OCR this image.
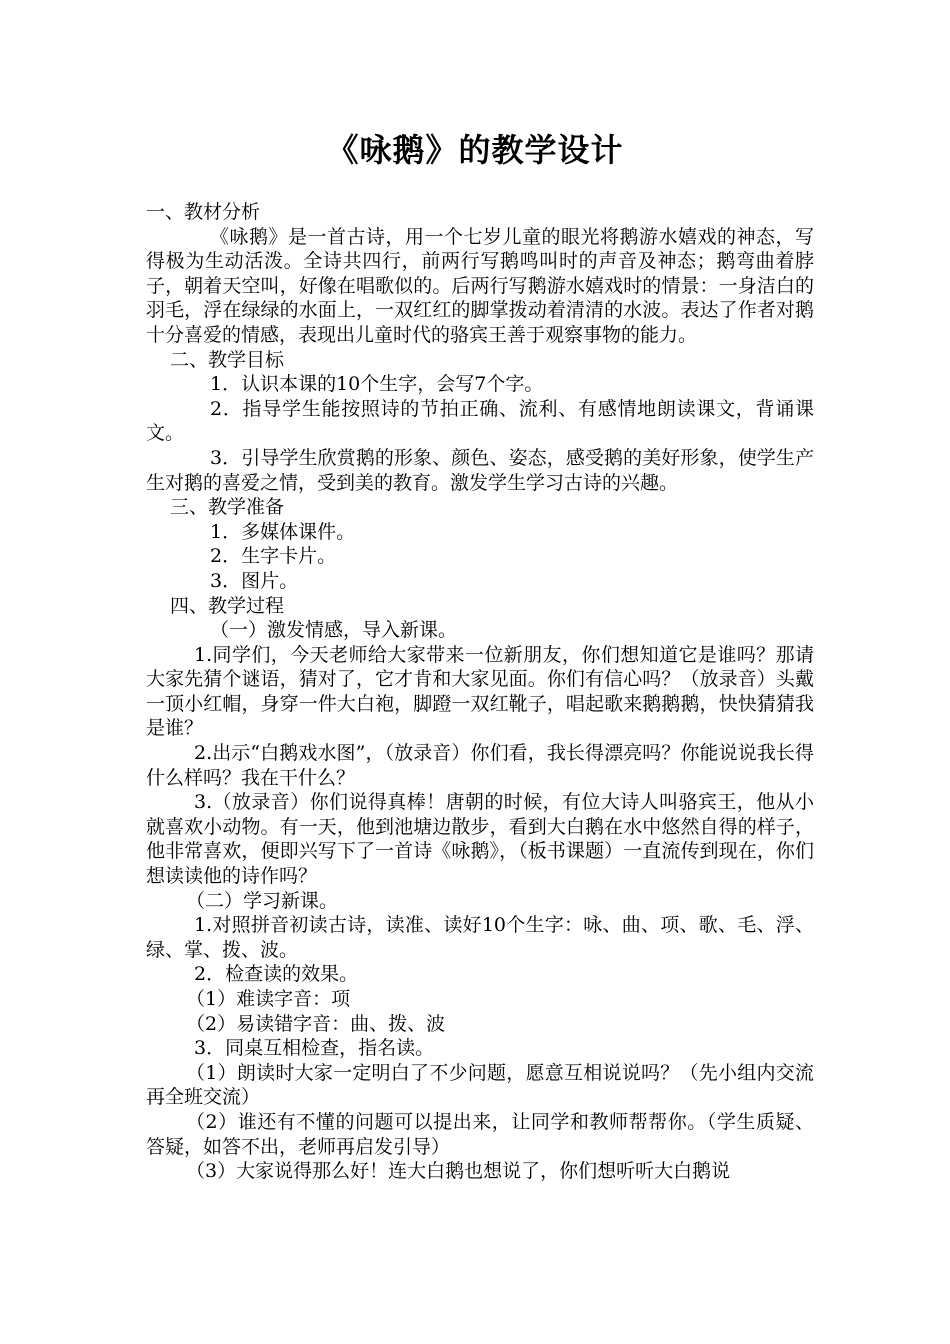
《咏鹅》的教学设计

一、教材分析

《咏鹅》是一首古诗，用一个七岁儿童的眼光将鹅游水嬉戏的神态，写得极为生动活泼。全诗共四行，前两行写鹅鸣叫时的声音及神态；鹅弯曲着脖子，朝着天空叫，好像在唱歌似的。后两行写鹅游水嬉戏时的情景：一身洁白的羽毛，浮在绿绿的水面上，一双红红的脚掌拨动着清清的水波。表达了作者对鹅十分喜爱的情感，表现出儿童时代的骆宾王善于观察事物的能力。

二、教学目标

1．认识本课的10个生字，会写7个字。

2．指导学生能按照诗的节拍正确、流利、有感情地朗读课文，背诵课文。

3．引导学生欣赏鹅的形象、颜色、姿态，感受鹅的美好形象，使学生产生对鹅的喜爱之情，受到美的教育。激发学生学习古诗的兴趣。

三、教学准备

1．多媒体课件。

2．生字卡片。

3．图片。

四、教学过程

（一）激发情感，导入新课。

1.同学们，今天老师给大家带来一位新朋友，你们想知道它是谁吗？那请大家先猜个谜语，猜对了，它才肯和大家见面。你们有信心吗？（放录音）头戴一顶小红帽，身穿一件大白袍，脚蹬一双红靴子，唱起歌来鹅鹅鹅，快快猜猜我是谁？

2.出示“白鹅戏水图”，（放录音）你们看，我长得漂亮吗？你能说说我长得什么样吗？我在干什么？

3.（放录音）你们说得真棒！唐朝的时候，有位大诗人叫骆宾王，他从小就喜欢小动物。有一天，他到池塘边散步，看到大白鹅在水中悠然自得的样子，他非常喜欢，便即兴写下了一首诗《咏鹅》，（板书课题）一直流传到现在，你们想读读他的诗作吗？

（二）学习新课。

1.对照拼音初读古诗，读准、读好10个生字：咏、曲、项、歌、毛、浮、绿、掌、拨、波。

2．检查读的效果。

（1）难读字音：项

（2）易读错字音：曲、拨、波

3．同桌互相检查，指名读。

（1）朗读时大家一定明白了不少问题，愿意互相说说吗？（先小组内交流再全班交流）

（2）谁还有不懂的问题可以提出来，让同学和教师帮帮你。（学生质疑、答疑，如答不出，老师再启发引导）

（3）大家说得那么好！连大白鹅也想说了，你们想听听大白鹅说
